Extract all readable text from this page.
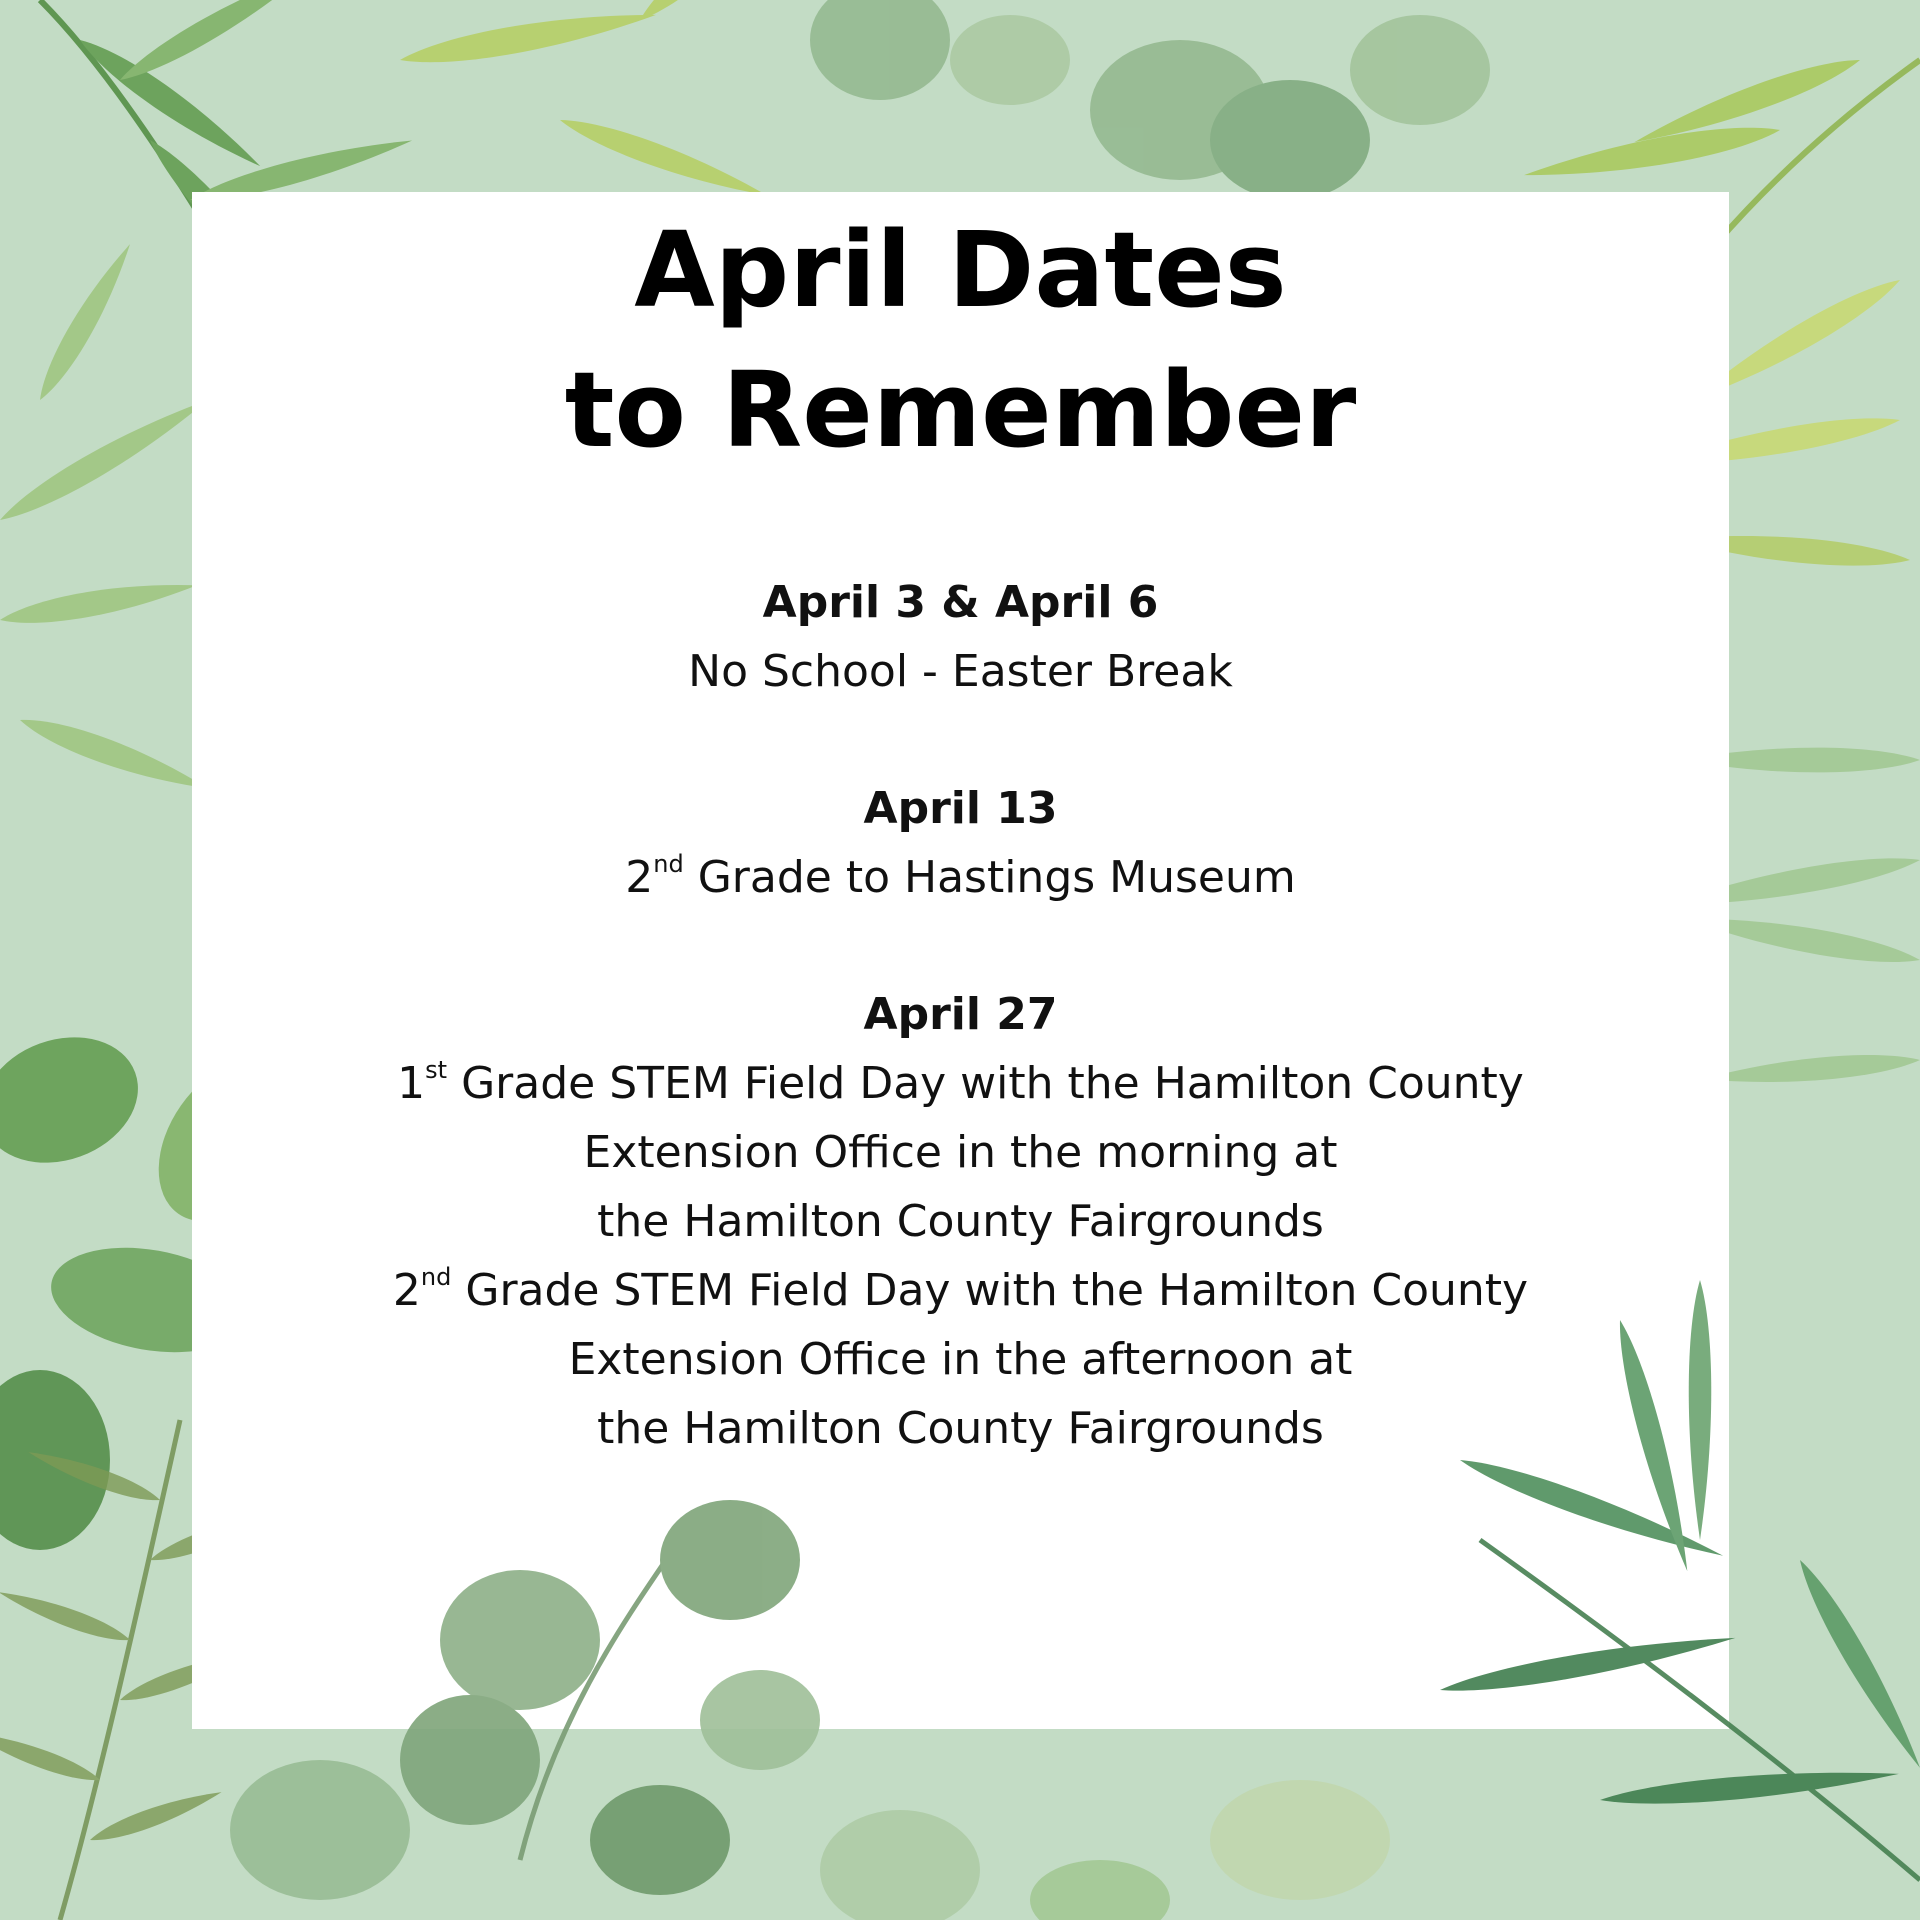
April Dates
to Remember
April 3 & April 6
No School - Easter Break
April 13
2nd Grade to Hastings Museum
April 27
1st Grade STEM Field Day with the Hamilton County
Extension Office in the morning at
the Hamilton County Fairgrounds
2nd Grade STEM Field Day with the Hamilton County
Extension Office in the afternoon at
the Hamilton County Fairgrounds
